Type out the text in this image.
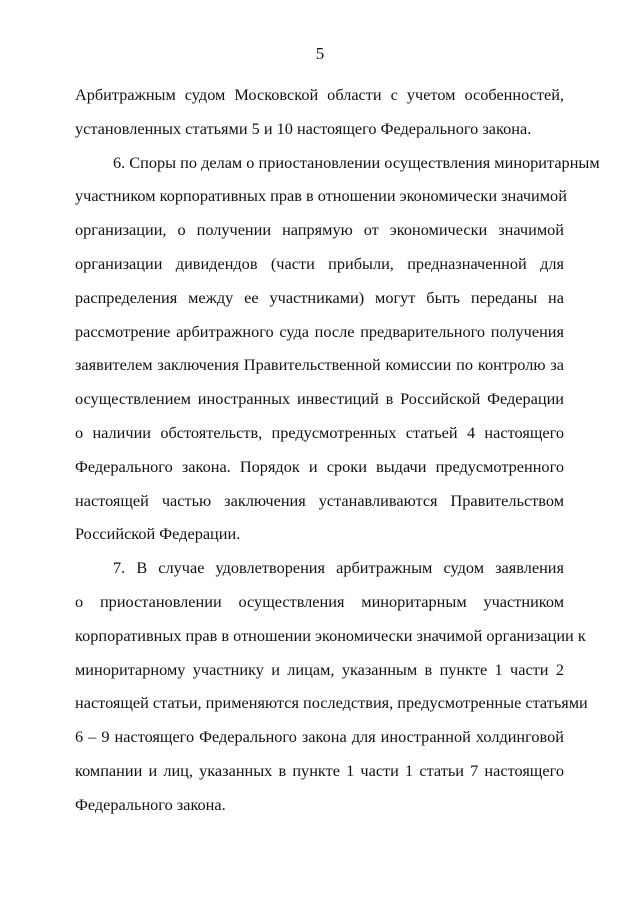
5
Арбитражным судом Московской области с учетом особенностей,
установленных статьями 5 и 10 настоящего Федерального закона.
6. Споры по делам о приостановлении осуществления миноритарным
участником корпоративных прав в отношении экономически значимой
организации, о получении напрямую от экономически значимой
организации дивидендов (части прибыли, предназначенной для
распределения между ее участниками) могут быть переданы на
рассмотрение арбитражного суда после предварительного получения
заявителем заключения Правительственной комиссии по контролю за
осуществлением иностранных инвестиций в Российской Федерации
о наличии обстоятельств, предусмотренных статьей 4 настоящего
Федерального закона. Порядок и сроки выдачи предусмотренного
настоящей частью заключения устанавливаются Правительством
Российской Федерации.
7. В случае удовлетворения арбитражным судом заявления
о приостановлении осуществления миноритарным участником
корпоративных прав в отношении экономически значимой организации к
миноритарному участнику и лицам, указанным в пункте 1 части 2
настоящей статьи, применяются последствия, предусмотренные статьями
6 – 9 настоящего Федерального закона для иностранной холдинговой
компании и лиц, указанных в пункте 1 части 1 статьи 7 настоящего
Федерального закона.
